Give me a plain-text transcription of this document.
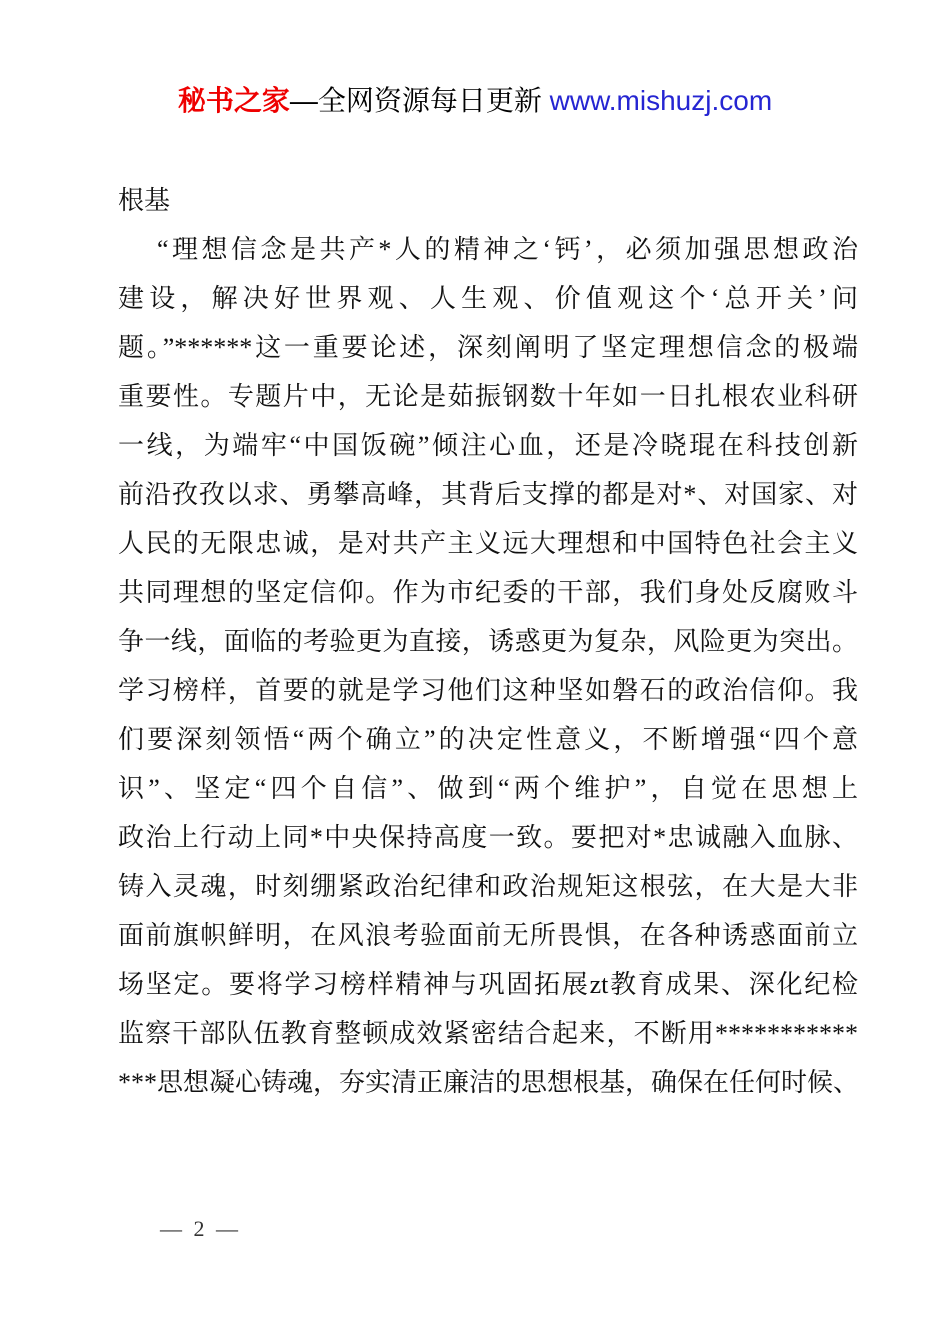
秘书之家—全网资源每日更新 www.mishuzj.com
根基
“理想信念是共产*人的精神之‘钙’，必须加强思想政治
建设，解决好世界观、人生观、价值观这个‘总开关’问
题。”******这一重要论述，深刻阐明了坚定理想信念的极端
重要性。专题片中，无论是茹振钢数十年如一日扎根农业科研
一线，为端牢“中国饭碗”倾注心血，还是冷晓琨在科技创新
前沿孜孜以求、勇攀高峰，其背后支撑的都是对*、对国家、对
人民的无限忠诚，是对共产主义远大理想和中国特色社会主义
共同理想的坚定信仰。作为市纪委的干部，我们身处反腐败斗
争一线，面临的考验更为直接，诱惑更为复杂，风险更为突出。
学习榜样，首要的就是学习他们这种坚如磐石的政治信仰。我
们要深刻领悟“两个确立”的决定性意义，不断增强“四个意
识”、坚定“四个自信”、做到“两个维护”，自觉在思想上
政治上行动上同*中央保持高度一致。要把对*忠诚融入血脉、
铸入灵魂，时刻绷紧政治纪律和政治规矩这根弦，在大是大非
面前旗帜鲜明，在风浪考验面前无所畏惧，在各种诱惑面前立
场坚定。要将学习榜样精神与巩固拓展zt教育成果、深化纪检
监察干部队伍教育整顿成效紧密结合起来，不断用***********
***思想凝心铸魂，夯实清正廉洁的思想根基，确保在任何时候、
— 2 —
